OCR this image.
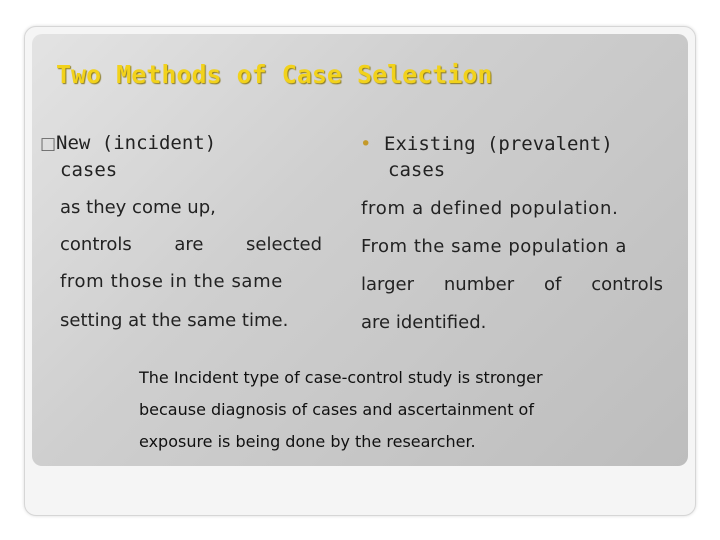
Two Methods of Case Selection
□New (incident)
cases
• Existing (prevalent)
cases
as they come up,
controls are selected
from those in the same
setting at the same time.
from a defined population.
From the same population a
larger number of controls
are identified.
The Incident type of case-control study is stronger
because diagnosis of cases and ascertainment of
exposure is being done by the researcher.
